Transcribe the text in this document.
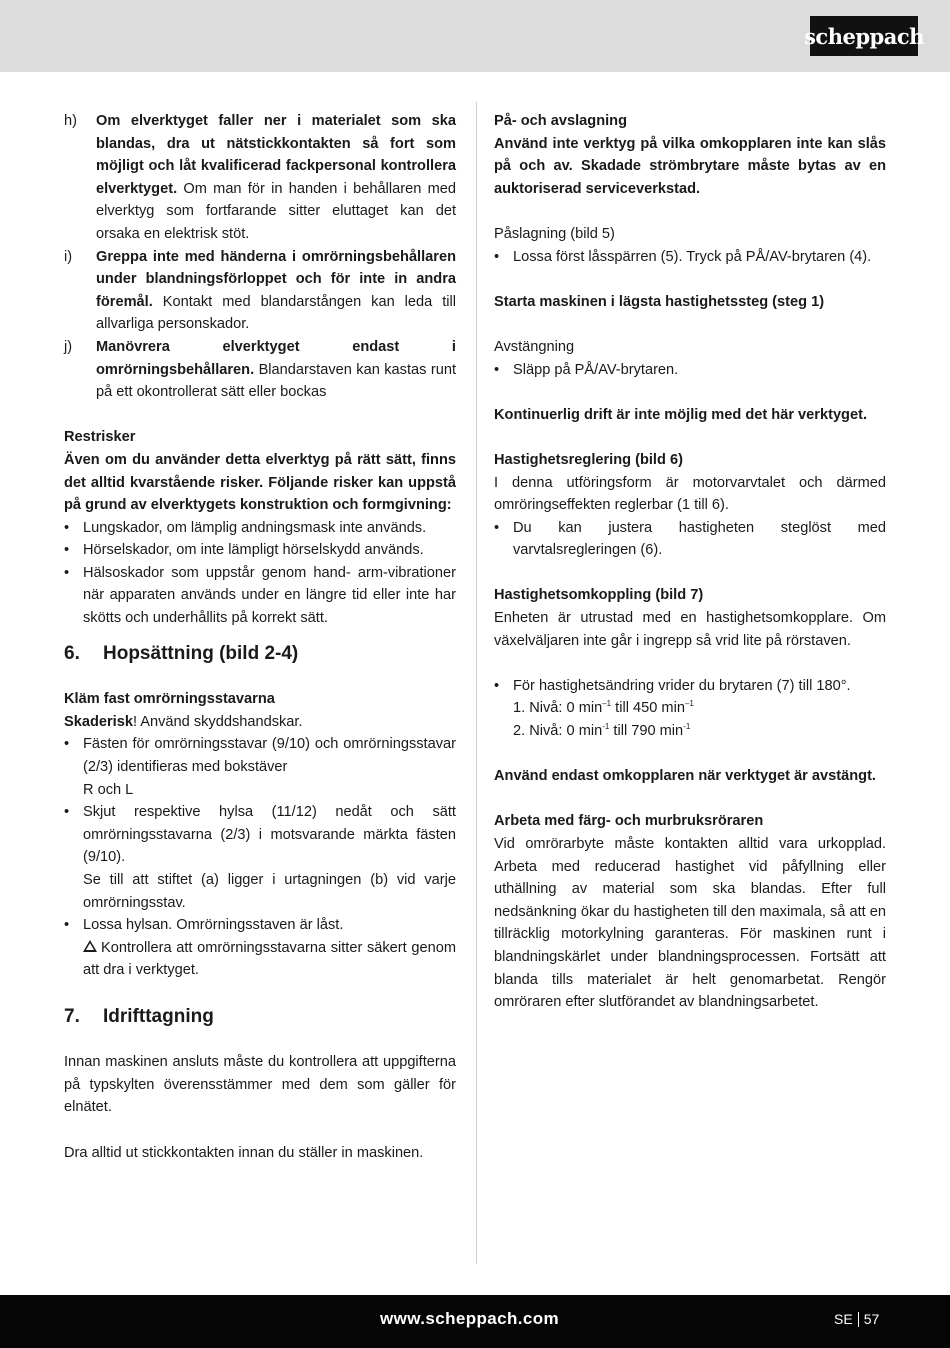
scheppach
h)	Om elverktyget faller ner i materialet som ska blandas, dra ut nätstickkontakten så fort som möjligt och låt kvalificerad fackpersonal kontrollera elverktyget. Om man för in handen i behållaren med elverktyg som fortfarande sitter eluttaget kan det orsaka en elektrisk stöt.
i)	Greppa inte med händerna i omrörningsbehållaren under blandningsförloppet och för inte in andra föremål. Kontakt med blandarstången kan leda till allvarliga personskador.
j)	Manövrera elverktyget endast i omrörningsbehållaren. Blandarstaven kan kastas runt på ett okontrollerat sätt eller bockas

Restrisker

Även om du använder detta elverktyg på rätt sätt, finns det alltid kvarstående risker. Följande risker kan uppstå på grund av elverktygets konstruktion och formgivning:

• Lungskador, om lämplig andningsmask inte används.
• Hörselskador, om inte lämpligt hörselskydd används.
• Hälsoskador som uppstår genom hand- arm-vibrationer när apparaten används under en längre tid eller inte har skötts och underhållits på korrekt sätt.
6.	Hopsättning (bild 2-4)

Kläm fast omrörningsstavarna

Skaderisk! Använd skyddshandskar.

• Fästen för omrörningsstavar (9/10) och omrörningsstavar (2/3) identifieras med bokstäver
R och L
• Skjut respektive hylsa (11/12) nedåt och sätt omrörningsstavarna (2/3) i motsvarande märkta fästen (9/10).
Se till att stiftet (a) ligger i urtagningen (b) vid varje omrörningsstav.
• Lossa hylsan. Omrörningsstaven är låst.
Kontrollera att omrörningsstavarna sitter säkert genom att dra i verktyget.
7.	Idrifttagning

Innan maskinen ansluts måste du kontrollera att uppgifterna på typskylten överensstämmer med dem som gäller för elnätet.

Dra alltid ut stickkontakten innan du ställer in maskinen.

På- och avslagning

Använd inte verktyg på vilka omkopplaren inte kan slås på och av. Skadade strömbrytare måste bytas av en auktoriserad serviceverkstad.

Påslagning (bild 5)

• Lossa först låsspärren (5). Tryck på PÅ/AV-brytaren (4).

Starta maskinen i lägsta hastighetssteg (steg 1)

Avstängning

• Släpp på PÅ/AV-brytaren.

Kontinuerlig drift är inte möjlig med det här verktyget.

Hastighetsreglering (bild 6)

I denna utföringsform är motorvarvtalet och därmed omröringseffekten reglerbar (1 till 6).

• Du kan justera hastigheten steglöst med varvtalsregleringen (6).

Hastighetsomkoppling (bild 7)

Enheten är utrustad med en hastighetsomkopplare. Om växelväljaren inte går i ingrepp så vrid lite på rörstaven.

• För hastighetsändring vrider du brytaren (7) till 180°.

1. Nivå: 0 $\min^{-1}$ till 450 $\min^{-1}$

2. Nivå: 0 $\min^{-1}$ till 790 $\min^{-1}$

Använd endast omkopplaren när verktyget är avstängt.

Arbeta med färg- och murbruksröraren

Vid omrörarbyte måste kontakten alltid vara urkopplad. Arbeta med reducerad hastighet vid påfyllning eller uthällning av material som ska blandas. Efter full nedsänkning ökar du hastigheten till den maximala, så att en tillräcklig motorkylning garanteras. För maskinen runt i blandningskärlet under blandningsprocessen. Fortsätt att blanda tills materialet är helt genomarbetat. Rengör omröraren efter slutförandet av blandningsarbetet.

www.scheppach.com	SE 57
